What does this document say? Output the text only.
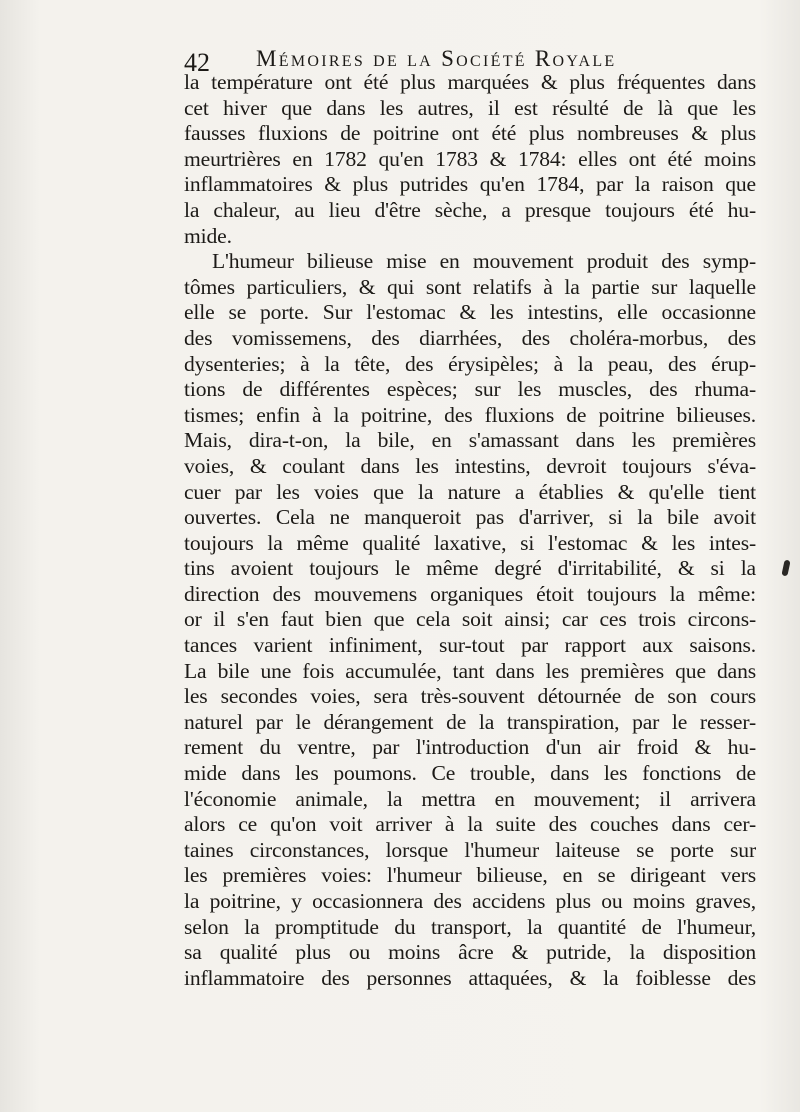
42 Mémoires de la Société Royale
la température ont été plus marquées & plus fréquentes dans
cet hiver que dans les autres, il est résulté de là que les
fausses fluxions de poitrine ont été plus nombreuses & plus
meurtrières en 1782 qu'en 1783 & 1784: elles ont été moins
inflammatoires & plus putrides qu'en 1784, par la raison que
la chaleur, au lieu d'être sèche, a presque toujours été hu-
mide.
L'humeur bilieuse mise en mouvement produit des symp-
tômes particuliers, & qui sont relatifs à la partie sur laquelle
elle se porte. Sur l'estomac & les intestins, elle occasionne
des vomissemens, des diarrhées, des choléra-morbus, des
dysenteries; à la tête, des érysipèles; à la peau, des érup-
tions de différentes espèces; sur les muscles, des rhuma-
tismes; enfin à la poitrine, des fluxions de poitrine bilieuses.
Mais, dira-t-on, la bile, en s'amassant dans les premières
voies, & coulant dans les intestins, devroit toujours s'éva-
cuer par les voies que la nature a établies & qu'elle tient
ouvertes. Cela ne manqueroit pas d'arriver, si la bile avoit
toujours la même qualité laxative, si l'estomac & les intes-
tins avoient toujours le même degré d'irritabilité, & si la
direction des mouvemens organiques étoit toujours la même:
or il s'en faut bien que cela soit ainsi; car ces trois circons-
tances varient infiniment, sur-tout par rapport aux saisons.
La bile une fois accumulée, tant dans les premières que dans
les secondes voies, sera très-souvent détournée de son cours
naturel par le dérangement de la transpiration, par le resser-
rement du ventre, par l'introduction d'un air froid & hu-
mide dans les poumons. Ce trouble, dans les fonctions de
l'économie animale, la mettra en mouvement; il arrivera
alors ce qu'on voit arriver à la suite des couches dans cer-
taines circonstances, lorsque l'humeur laiteuse se porte sur
les premières voies: l'humeur bilieuse, en se dirigeant vers
la poitrine, y occasionnera des accidens plus ou moins graves,
selon la promptitude du transport, la quantité de l'humeur,
sa qualité plus ou moins âcre & putride, la disposition
inflammatoire des personnes attaquées, & la foiblesse des
